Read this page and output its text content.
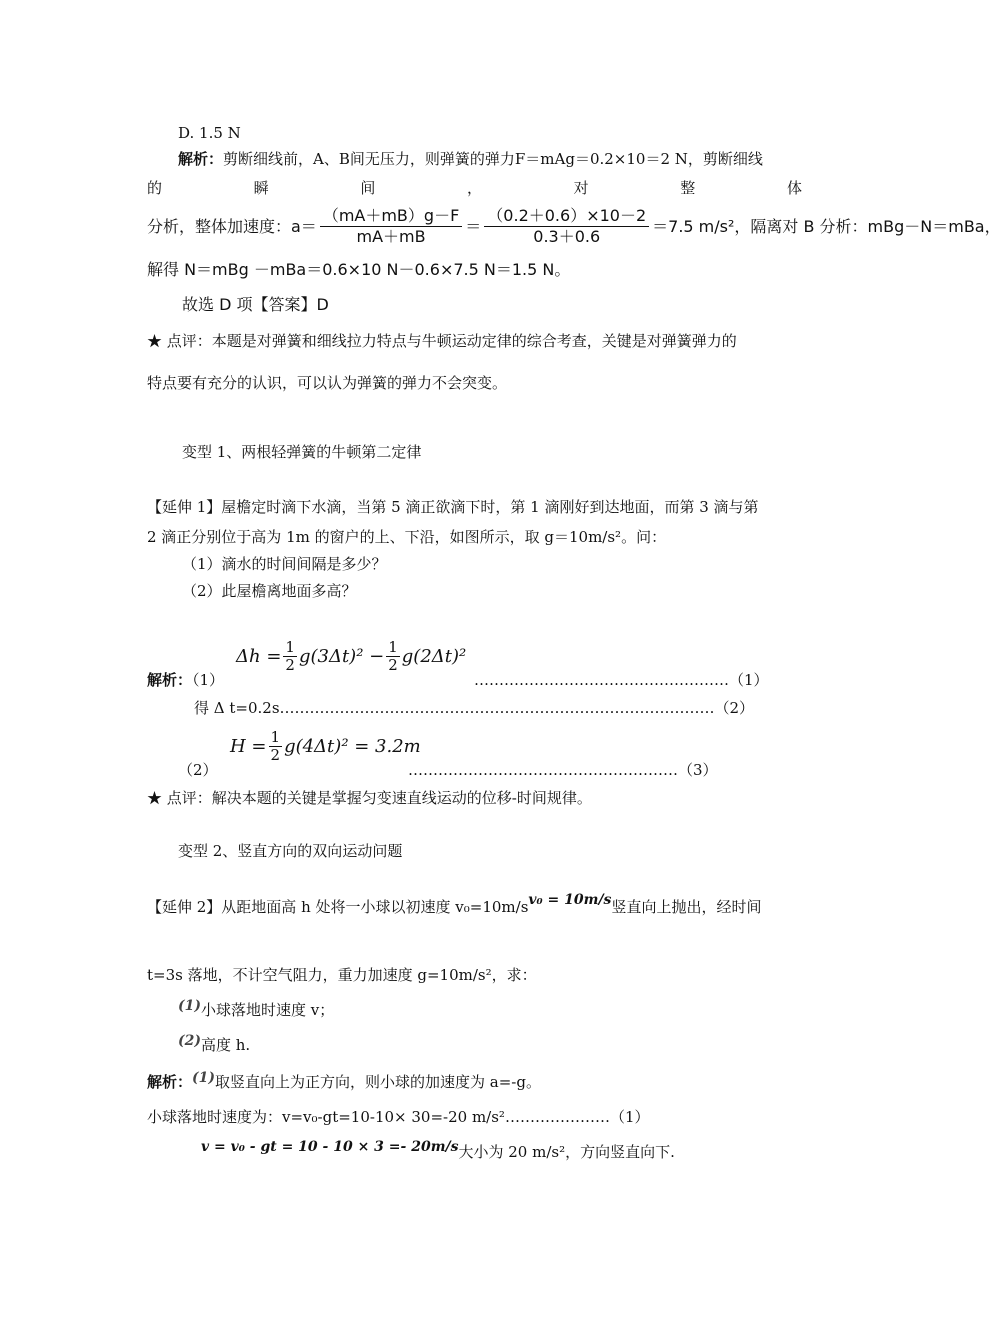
D. 1.5 N
解析：剪断细线前，A、B间无压力，则弹簧的弹力F＝mAg＝0.2×10＝2 N，剪断细线
的	瞬	间	，	对	整	体
分析，整体加速度：$a= \frac{(mA+mB)g-F}{mA+mB} = \frac{(0.2+0.6)\times 10-2}{0.3+0.6} =7.5$ m/s²，隔离对 B 分析：mBg－N＝mBa，
解得 N＝mBg －mBa＝0.6×10 N－0.6×7.5 N＝1.5 N。
故选 D 项【答案】D
★ 点评：本题是对弹簧和细线拉力特点与牛顿运动定律的综合考查，关键是对弹簧弹力的
特点要有充分的认识，可以认为弹簧的弹力不会突变。
变型 1、两根轻弹簧的牛顿第二定律
【延伸 1】屋檐定时滴下水滴，当第 5 滴正欲滴下时，第 1 滴刚好到达地面，而第 3 滴与第
2 滴正分别位于高为 1m 的窗户的上、下沿，如图所示，取 g＝10m/s²。问：
（1）滴水的时间间隔是多少？
（2）此屋檐离地面多高？
解析：（1）
$\Delta h = \frac{1}{2} g(3\Delta t)^2 - \frac{1}{2} g(2\Delta t)^2$
……………………………………………（1）
得 Δ t=0.2s……………………………………………………………………………（2）
（2）
$H = \frac{1}{2} g(4\Delta t)^2 = 3.2m$
………………………………………………（3）
★ 点评：解决本题的关键是掌握匀变速直线运动的位移-时间规律。
变型 2、竖直方向的双向运动问题
【延伸 2】从距地面高 h 处将一小球以初速度 v₀=10m/s v₀ = 10m/s 竖直向上抛出，经时间
t=3s 落地，不计空气阻力，重力加速度 g=10m/s²，求：
(1) 小球落地时速度 v；
(2) 高度 h.
解析： (1) 取竖直向上为正方向，则小球的加速度为 a=-g。
小球落地时速度为：v=v₀-gt=10-10× 30=-20 m/s²…………………（1）
v = v₀ - gt = 10 - 10 × 3 =- 20m/s 大小为 20 m/s²，方向竖直向下.
